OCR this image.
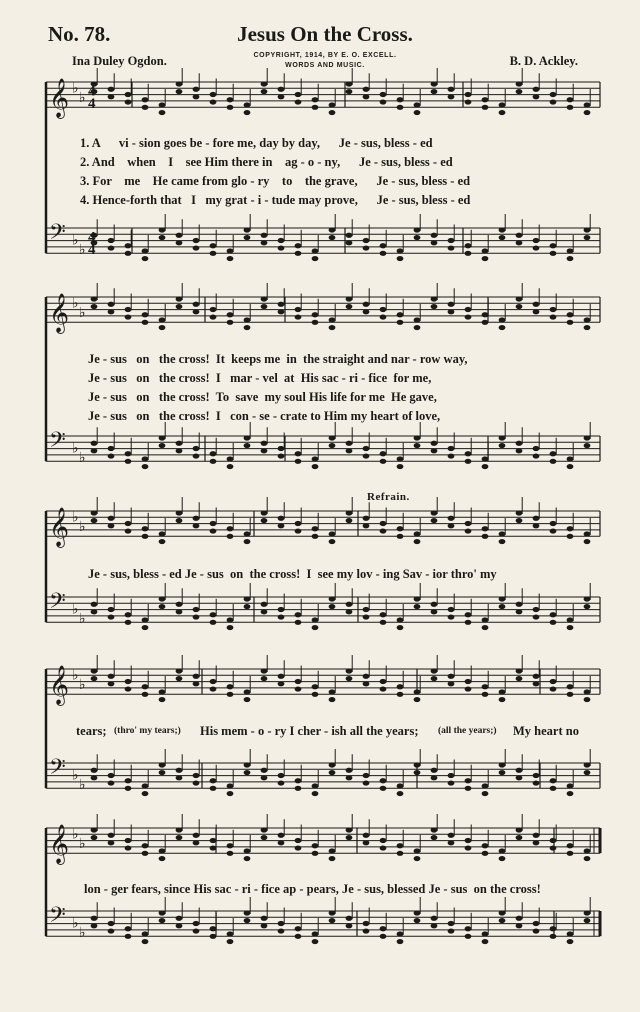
No. 78.	Jesus On the Cross.
Ina Duley Ogdon.	B. D. Ackley.
COPYRIGHT, 1914, BY E. O. EXCELL.
WORDS AND MUSIC.
Refrain.
𝄞 ♭
♭
𝄢 ♭
♭
𝄞 ♭
♭
𝄢 ♭
♭
𝄞 ♭
♭
𝄢 ♭
♭
𝄞 ♭
♭
𝄢 ♭
♭
𝄞 ♭
♭
𝄢 ♭
♭
4
4
4
4
1. A      vi - sion goes be - fore me, day by day,      Je - sus, bless - ed
2. And    when    I    see Him there in    ag - o - ny,      Je - sus, bless - ed
3. For    me    He came from glo - ry    to    the grave,      Je - sus, bless - ed
4. Hence-forth that   I   my grat - i - tude may prove,      Je - sus, bless - ed
Je - sus   on   the cross!  It  keeps me  in  the straight and nar - row way,
Je - sus   on   the cross!  I   mar - vel  at  His sac - ri - fice  for me,
Je - sus   on   the cross!  To  save  my soul His life for me  He gave,
Je - sus   on   the cross!  I   con - se - crate to Him my heart of love,
Je - sus, bless - ed Je - sus  on  the cross!  I  see my lov - ing Sav - ior thro' my
tears; (thro' my tears;) His mem - o - ry I cher - ish all the years; (all the years;) My heart no
lon - ger fears, since His sac - ri - fice ap - pears, Je - sus, blessed Je - sus  on the cross!
